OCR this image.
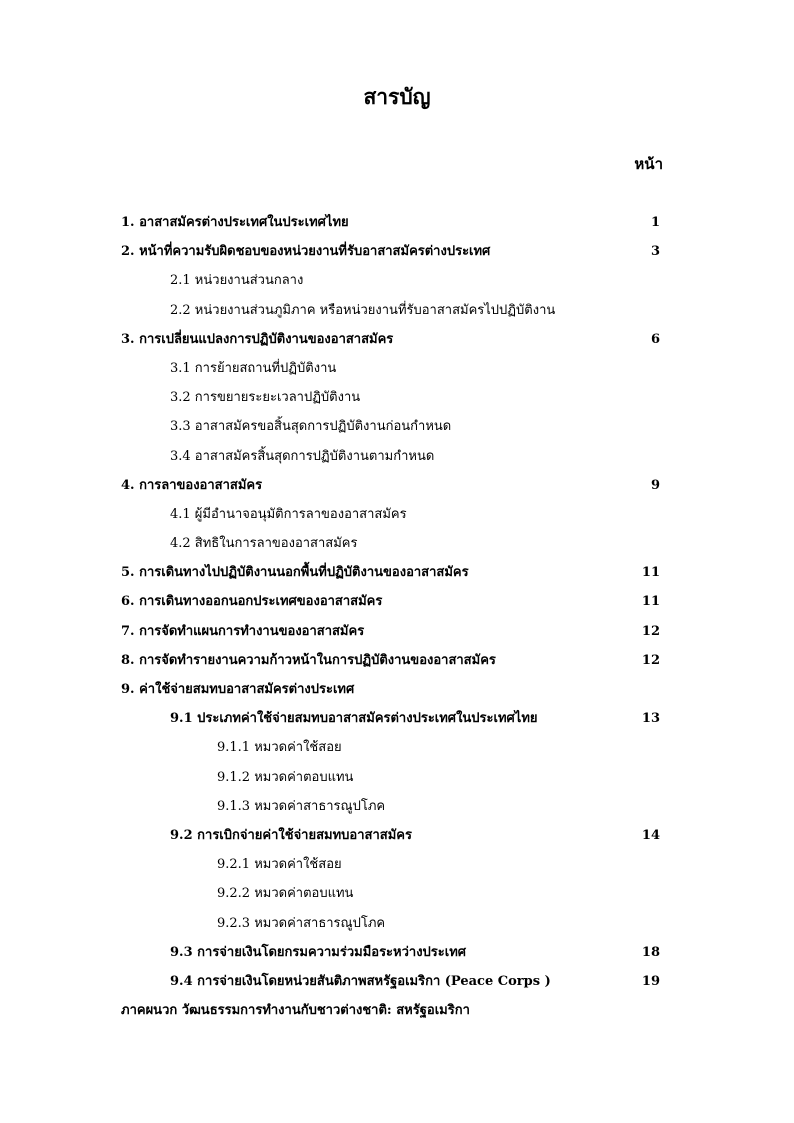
สารบัญ
หน้า
1. อาสาสมัครต่างประเทศในประเทศไทย	1
2. หน้าที่ความรับผิดชอบของหน่วยงานที่รับอาสาสมัครต่างประเทศ	3
2.1 หน่วยงานส่วนกลาง
2.2 หน่วยงานส่วนภูมิภาค หรือหน่วยงานที่รับอาสาสมัครไปปฏิบัติงาน
3. การเปลี่ยนแปลงการปฏิบัติงานของอาสาสมัคร	6
3.1 การย้ายสถานที่ปฏิบัติงาน
3.2 การขยายระยะเวลาปฏิบัติงาน
3.3 อาสาสมัครขอสิ้นสุดการปฏิบัติงานก่อนกำหนด
3.4 อาสาสมัครสิ้นสุดการปฏิบัติงานตามกำหนด
4. การลาของอาสาสมัคร	9
4.1 ผู้มีอำนาจอนุมัติการลาของอาสาสมัคร
4.2 สิทธิในการลาของอาสาสมัคร
5. การเดินทางไปปฏิบัติงานนอกพื้นที่ปฏิบัติงานของอาสาสมัคร	11
6. การเดินทางออกนอกประเทศของอาสาสมัคร	11
7. การจัดทำแผนการทำงานของอาสาสมัคร	12
8. การจัดทำรายงานความก้าวหน้าในการปฏิบัติงานของอาสาสมัคร	12
9. ค่าใช้จ่ายสมทบอาสาสมัครต่างประเทศ
9.1 ประเภทค่าใช้จ่ายสมทบอาสาสมัครต่างประเทศในประเทศไทย	13
9.1.1 หมวดค่าใช้สอย
9.1.2 หมวดค่าตอบแทน
9.1.3 หมวดค่าสาธารณูปโภค
9.2 การเบิกจ่ายค่าใช้จ่ายสมทบอาสาสมัคร	14
9.2.1 หมวดค่าใช้สอย
9.2.2 หมวดค่าตอบแทน
9.2.3 หมวดค่าสาธารณูปโภค
9.3 การจ่ายเงินโดยกรมความร่วมมือระหว่างประเทศ	18
9.4 การจ่ายเงินโดยหน่วยสันติภาพสหรัฐอเมริกา (Peace Corps )	19
ภาคผนวก วัฒนธรรมการทำงานกับชาวต่างชาติ: สหรัฐอเมริกา
